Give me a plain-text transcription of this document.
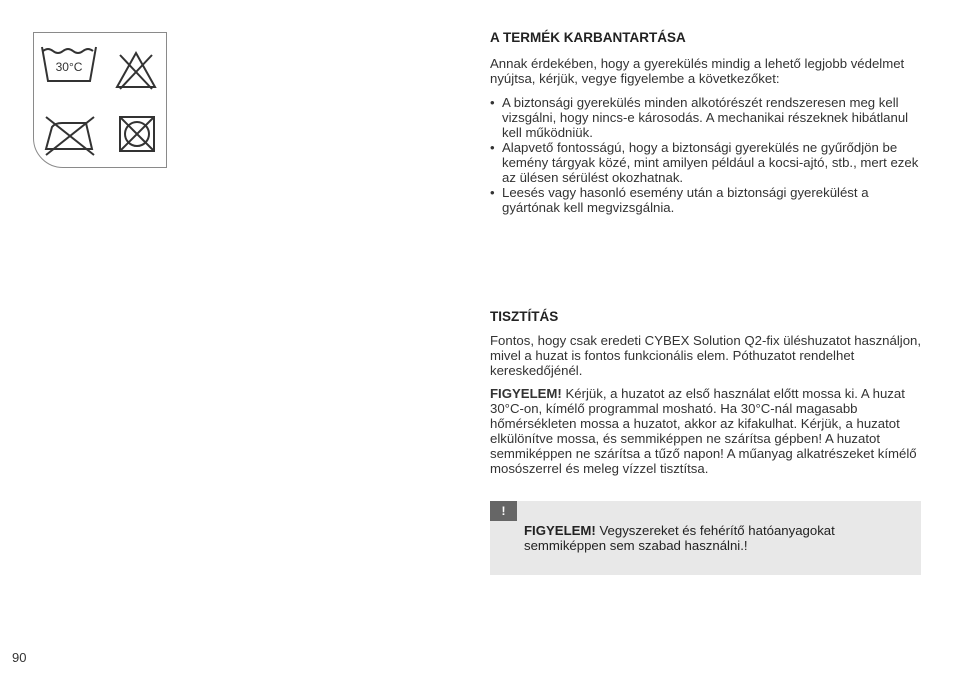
30°C
A TERMÉK KARBANTARTÁSA

Annak érdekében, hogy a gyerekülés mindig a lehető legjobb védelmet nyújtsa, kérjük, vegye figyelembe a következőket:

• A biztonsági gyerekülés minden alkotórészét rendszeresen meg kell vizsgálni, hogy nincs-e károsodás. A mechanikai részeknek hibátlanul kell működniük.
• Alapvető fontosságú, hogy a biztonsági gyerekülés ne gyűrődjön be kemény tárgyak közé, mint amilyen például a kocsi-ajtó, stb., mert ezek az ülésen sérülést okozhatnak.
• Leesés vagy hasonló esemény után a biztonsági gyerekülést a gyártónak kell megvizsgálnia.
TISZTÍTÁS

Fontos, hogy csak eredeti CYBEX Solution Q2-fix üléshuzatot használjon, mivel a huzat is fontos funkcionális elem. Póthuzatot rendelhet kereskedőjénél.

FIGYELEM! Kérjük, a huzatot az első használat előtt mossa ki. A huzat 30°C-on, kímélő programmal mosható. Ha 30°C-nál magasabb hőmérsékleten mossa a huzatot, akkor az kifakulhat. Kérjük, a huzatot elkülönítve mossa, és semmiképpen ne szárítsa gépben! A huzatot semmiképpen ne szárítsa a tűző napon! A műanyag alkatrészeket kímélő mosószerrel és meleg vízzel tisztítsa.

!
FIGYELEM! Vegyszereket és fehérítő hatóanyagokat semmiképpen sem szabad használni.!
90
